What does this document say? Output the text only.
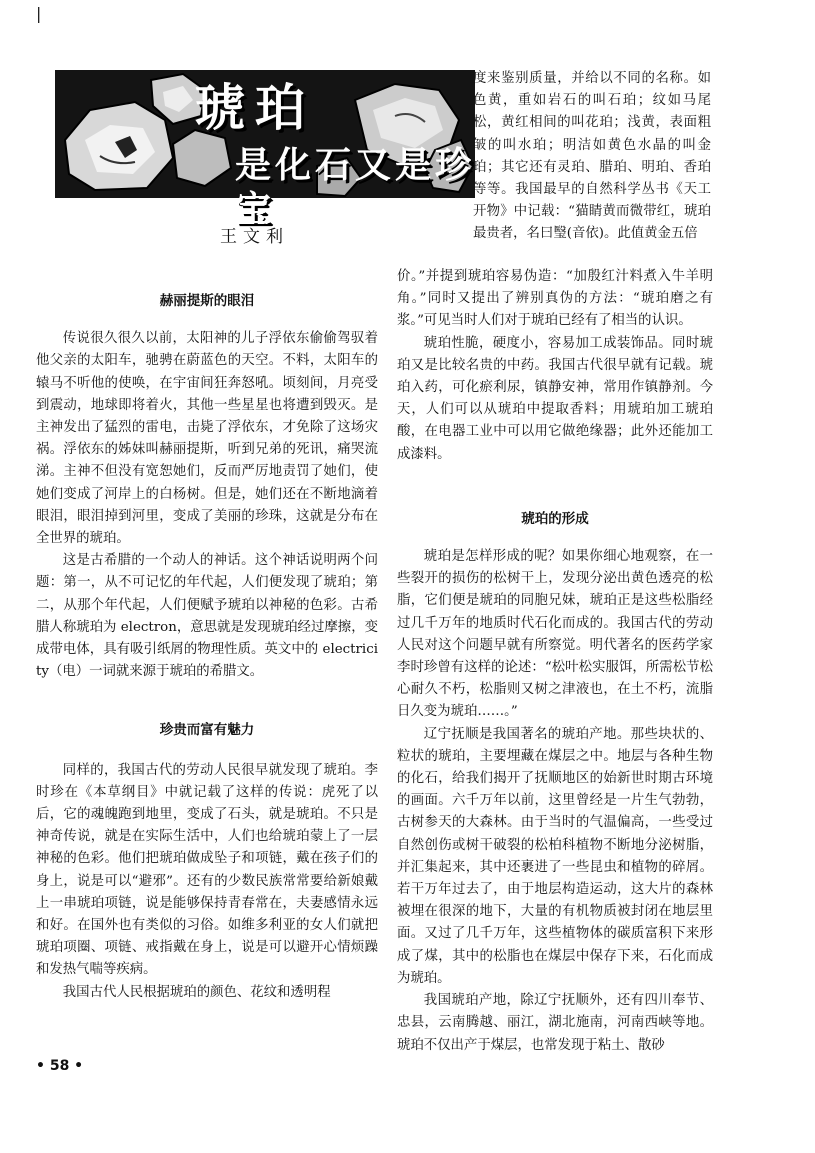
|
琥珀
是化石又是珍宝
王文利

度来鉴别质量，并给以不同的名称。如色黄，重如岩石的叫石珀；纹如马尾松，黄红相间的叫花珀；浅黄，表面粗皱的叫水珀；明洁如黄色水晶的叫金珀；其它还有灵珀、腊珀、明珀、香珀等等。我国最早的自然科学丛书《天工开物》中记载：“猫睛黄而微带红，琥珀最贵者，名曰瑿(音依)。此值黄金五倍

赫丽提斯的眼泪

传说很久很久以前，太阳神的儿子浮依东偷偷驾驭着他父亲的太阳车，驰骋在蔚蓝色的天空。不料，太阳车的辕马不听他的使唤，在宇宙间狂奔怒吼。顷刻间，月亮受到震动，地球即将着火，其他一些星星也将遭到毁灭。是主神发出了猛烈的雷电，击毙了浮依东，才免除了这场灾祸。浮依东的姊妹叫赫丽提斯，听到兄弟的死讯，痛哭流涕。主神不但没有宽恕她们，反而严厉地责罚了她们，使她们变成了河岸上的白杨树。但是，她们还在不断地滴着眼泪，眼泪掉到河里，变成了美丽的珍珠，这就是分布在全世界的琥珀。

这是古希腊的一个动人的神话。这个神话说明两个问题：第一，从不可记忆的年代起，人们便发现了琥珀；第二，从那个年代起，人们便赋予琥珀以神秘的色彩。古希腊人称琥珀为 electron，意思就是发现琥珀经过摩擦，变成带电体，具有吸引纸屑的物理性质。英文中的 electrici ty（电）一词就来源于琥珀的希腊文。

珍贵而富有魅力

同样的，我国古代的劳动人民很早就发现了琥珀。李时珍在《本草纲目》中就记载了这样的传说：虎死了以后，它的魂魄跑到地里，变成了石头，就是琥珀。不只是神奇传说，就是在实际生活中，人们也给琥珀蒙上了一层神秘的色彩。他们把琥珀做成坠子和项链，戴在孩子们的身上，说是可以“避邪”。还有的少数民族常常要给新娘戴上一串琥珀项链，说是能够保持青春常在，夫妻感情永远和好。在国外也有类似的习俗。如维多利亚的女人们就把琥珀项圈、项链、戒指戴在身上，说是可以避开心情烦躁和发热气喘等疾病。

我国古代人民根据琥珀的颜色、花纹和透明程

价。”并提到琥珀容易伪造：“加殷红汁料煮入牛羊明角。”同时又提出了辨别真伪的方法：“琥珀磨之有浆。”可见当时人们对于琥珀已经有了相当的认识。

琥珀性脆，硬度小，容易加工成装饰品。同时琥珀又是比较名贵的中药。我国古代很早就有记载。琥珀入药，可化瘀利尿，镇静安神，常用作镇静剂。今天，人们可以从琥珀中提取香料；用琥珀加工琥珀酸，在电器工业中可以用它做绝缘器；此外还能加工成漆料。

琥珀的形成

琥珀是怎样形成的呢？如果你细心地观察，在一些裂开的损伤的松树干上，发现分泌出黄色透亮的松脂，它们便是琥珀的同胞兄妹，琥珀正是这些松脂经过几千万年的地质时代石化而成的。我国古代的劳动人民对这个问题早就有所察觉。明代著名的医药学家李时珍曾有这样的论述：“松叶松实服饵，所需松节松心耐久不朽，松脂则又树之津液也，在土不朽，流脂日久变为琥珀……。”

辽宁抚顺是我国著名的琥珀产地。那些块状的、粒状的琥珀，主要埋藏在煤层之中。地层与各种生物的化石，给我们揭开了抚顺地区的始新世时期古环境的画面。六千万年以前，这里曾经是一片生气勃勃，古树参天的大森林。由于当时的气温偏高，一些受过自然创伤或树干破裂的松柏科植物不断地分泌树脂，并汇集起来，其中还裹进了一些昆虫和植物的碎屑。若干万年过去了，由于地层构造运动，这大片的森林被埋在很深的地下，大量的有机物质被封闭在地层里面。又过了几千万年，这些植物体的碳质富积下来形成了煤，其中的松脂也在煤层中保存下来，石化而成为琥珀。

我国琥珀产地，除辽宁抚顺外，还有四川奉节、忠县，云南腾越、丽江，湖北施南，河南西峡等地。琥珀不仅出产于煤层，也常发现于粘土、散砂

• 58 •
